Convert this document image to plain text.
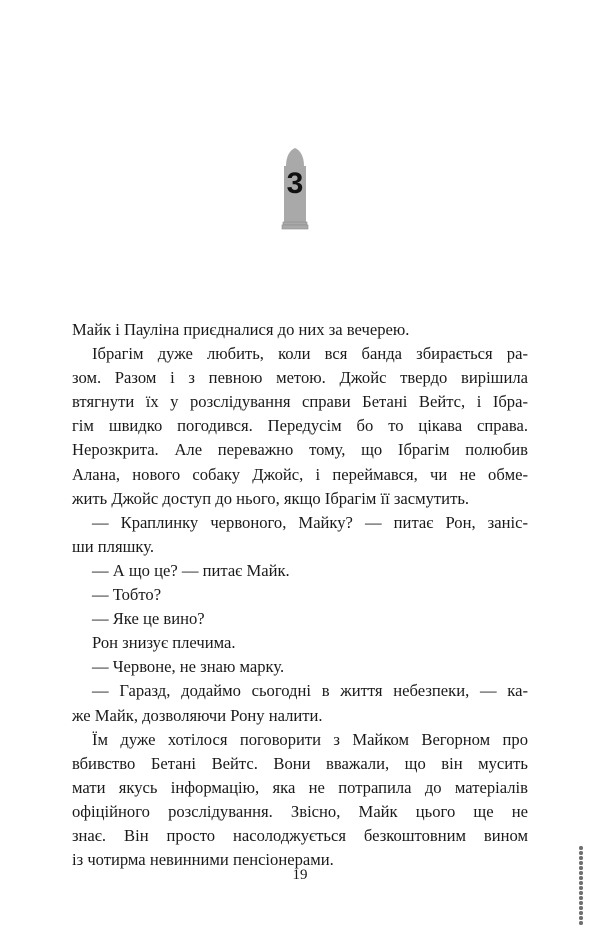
3
Майк і Пауліна приєдналися до них за вечерею.
Ібрагім дуже любить, коли вся банда збирається ра-
зом. Разом і з певною метою. Джойс твердо вирішила
втягнути їх у розслідування справи Бетані Вейтс, і Ібра-
гім швидко погодився. Передусім бо то цікава справа.
Нерозкрита. Але переважно тому, що Ібрагім полюбив
Алана, нового собаку Джойс, і переймався, чи не обме-
жить Джойс доступ до нього, якщо Ібрагім її засмутить.
— Краплинку червоного, Майку? — питає Рон, заніс-
ши пляшку.
— А що це? — питає Майк.
— Тобто?
— Яке це вино?
Рон знизує плечима.
— Червоне, не знаю марку.
— Гаразд, додаймо сьогодні в життя небезпеки, — ка-
же Майк, дозволяючи Рону налити.
Їм дуже хотілося поговорити з Майком Вегорном про
вбивство Бетані Вейтс. Вони вважали, що він мусить
мати якусь інформацію, яка не потрапила до матеріалів
офіційного розслідування. Звісно, Майк цього ще не
знає. Він просто насолоджується безкоштовним вином
із чотирма невинними пенсіонерами.
19
